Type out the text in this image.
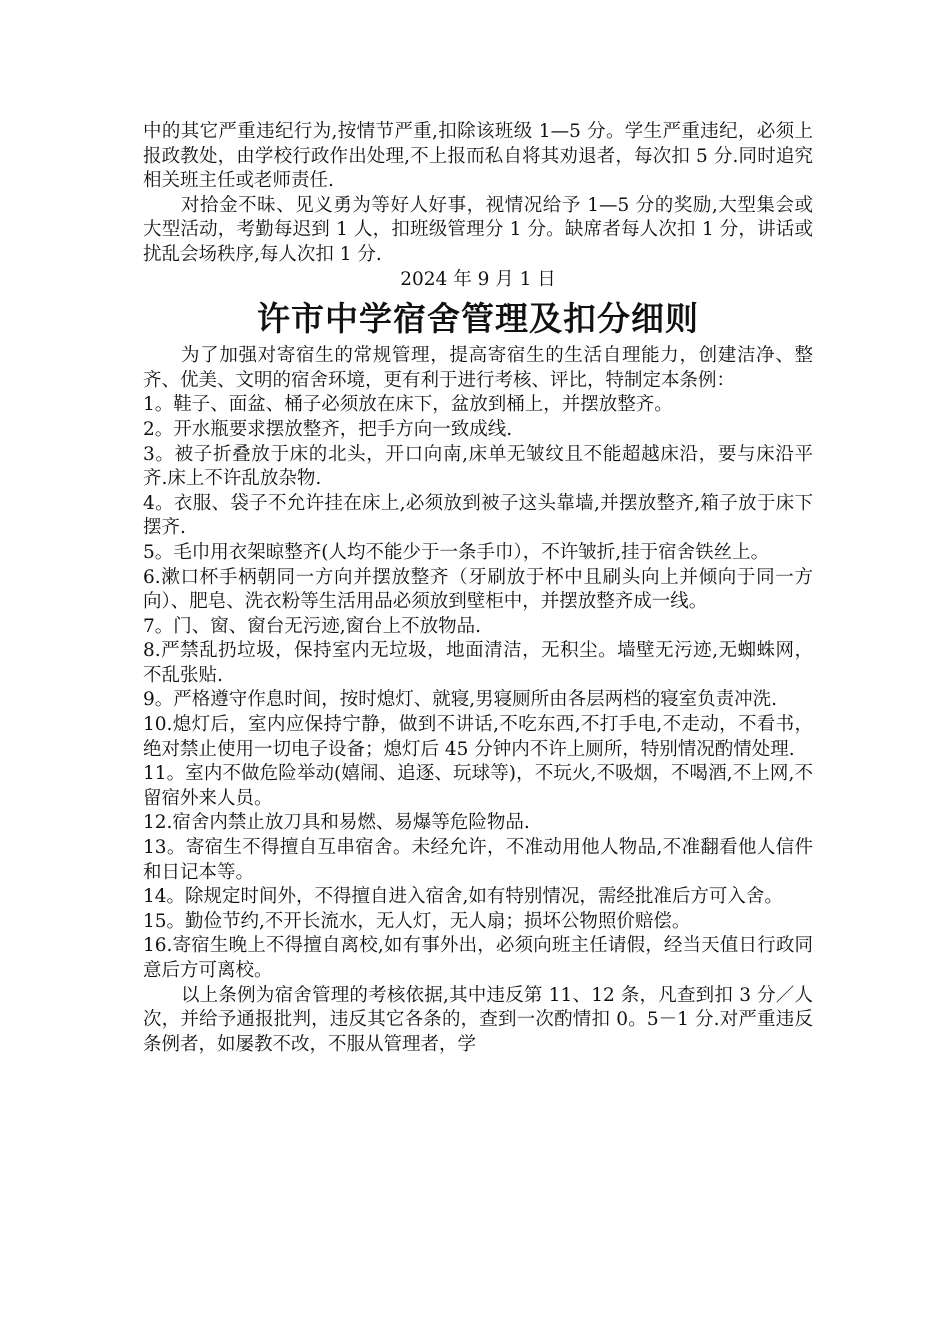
中的其它严重违纪行为,按情节严重,扣除该班级 1—5 分。学生严重违纪，必须上报政教处，由学校行政作出处理,不上报而私自将其劝退者，每次扣 5 分.同时追究相关班主任或老师责任.

对拾金不昧、见义勇为等好人好事，视情况给予 1—5 分的奖励,大型集会或大型活动，考勤每迟到 1 人，扣班级管理分 1 分。缺席者每人次扣 1 分，讲话或扰乱会场秩序,每人次扣 1 分.

2024 年 9 月 1 日

许市中学宿舍管理及扣分细则

为了加强对寄宿生的常规管理，提高寄宿生的生活自理能力，创建洁净、整齐、优美、文明的宿舍环境，更有利于进行考核、评比，特制定本条例：

1。鞋子、面盆、桶子必须放在床下，盆放到桶上，并摆放整齐。

2。开水瓶要求摆放整齐，把手方向一致成线.

3。被子折叠放于床的北头，开口向南,床单无皱纹且不能超越床沿，要与床沿平齐.床上不许乱放杂物.

4。衣服、袋子不允许挂在床上,必须放到被子这头靠墙,并摆放整齐,箱子放于床下摆齐.

5。毛巾用衣架晾整齐(人均不能少于一条手巾），不许皱折,挂于宿舍铁丝上。

6.漱口杯手柄朝同一方向并摆放整齐（牙刷放于杯中且刷头向上并倾向于同一方向）、肥皂、洗衣粉等生活用品必须放到壁柜中，并摆放整齐成一线。

7。门、窗、窗台无污迹,窗台上不放物品.

8.严禁乱扔垃圾，保持室内无垃圾，地面清洁，无积尘。墙壁无污迹,无蜘蛛网，不乱张贴.

9。严格遵守作息时间，按时熄灯、就寝,男寝厕所由各层两档的寝室负责冲洗.

10.熄灯后，室内应保持宁静，做到不讲话,不吃东西,不打手电,不走动，不看书，绝对禁止使用一切电子设备；熄灯后 45 分钟内不许上厕所，特别情况酌情处理.

11。室内不做危险举动(嬉闹、追逐、玩球等)，不玩火,不吸烟，不喝酒,不上网,不留宿外来人员。

12.宿舍内禁止放刀具和易燃、易爆等危险物品.

13。寄宿生不得擅自互串宿舍。未经允许，不准动用他人物品,不准翻看他人信件和日记本等。

14。除规定时间外，不得擅自进入宿舍,如有特别情况，需经批准后方可入舍。

15。勤俭节约,不开长流水，无人灯，无人扇；损坏公物照价赔偿。

16.寄宿生晚上不得擅自离校,如有事外出，必须向班主任请假，经当天值日行政同意后方可离校。

以上条例为宿舍管理的考核依据,其中违反第 11、12 条，凡查到扣 3 分／人次，并给予通报批判，违反其它各条的，查到一次酌情扣 0。5－1 分.对严重违反条例者，如屡教不改，不服从管理者，学
